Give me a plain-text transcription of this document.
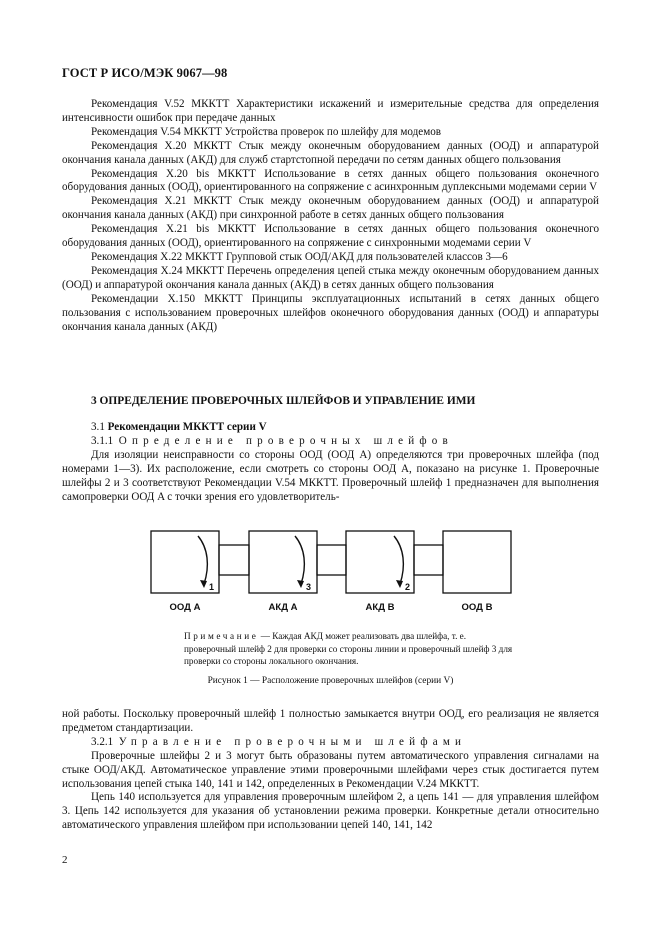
ГОСТ Р ИСО/МЭК 9067—98

Рекомендация V.52 МККТТ Характеристики искажений и измерительные средства для определения интенсивности ошибок при передаче данных

Рекомендация V.54 МККТТ Устройства проверок по шлейфу для модемов

Рекомендация X.20 МККТТ Стык между оконечным оборудованием данных (ООД) и аппаратурой окончания канала данных (АКД) для служб стартстопной передачи по сетям данных общего пользования

Рекомендация X.20 bis МККТТ Использование в сетях данных общего пользования оконечного оборудования данных (ООД), ориентированного на сопряжение с асинхронным дуплексными модемами серии V

Рекомендация X.21 МККТТ Стык между оконечным оборудованием данных (ООД) и аппаратурой окончания канала данных (АКД) при синхронной работе в сетях данных общего пользования

Рекомендация X.21 bis МККТТ Использование в сетях данных общего пользования оконечного оборудования данных (ООД), ориентированного на сопряжение с синхронными модемами серии V

Рекомендация X.22 МККТТ Групповой стык ООД/АКД для пользователей классов 3—6

Рекомендация X.24 МККТТ Перечень определения цепей стыка между оконечным оборудованием данных (ООД) и аппаратурой окончания канала данных (АКД) в сетях данных общего пользования

Рекомендации X.150 МККТТ Принципы эксплуатационных испытаний в сетях данных общего пользования с использованием проверочных шлейфов оконечного оборудования данных (ООД) и аппаратуры окончания канала данных (АКД)

3 ОПРЕДЕЛЕНИЕ ПРОВЕРОЧНЫХ ШЛЕЙФОВ И УПРАВЛЕНИЕ ИМИ

3.1 Рекомендации МККТТ серии V

3.1.1 Определение проверочных шлейфов

Для изоляции неисправности со стороны ООД (ООД A) определяются три проверочных шлейфа (под номерами 1—3). Их расположение, если смотреть со стороны ООД A, показано на рисунке 1. Проверочные шлейфы 2 и 3 соответствуют Рекомендации V.54 МККТТ. Проверочный шлейф 1 предназначен для выполнения самопроверки ООД A с точки зрения его удовлетворитель-

1	3	2
ООД A	АКД A	АКД B	ООД B
Примечание — Каждая АКД может реализовать два шлейфа, т. е. проверочный шлейф 2 для проверки со стороны линии и проверочный шлейф 3 для проверки со стороны локального окончания.
Рисунок 1 — Расположение проверочных шлейфов (серии V)

ной работы. Поскольку проверочный шлейф 1 полностью замыкается внутри ООД, его реализация не является предметом стандартизации.

3.2.1 Управление проверочными шлейфами

Проверочные шлейфы 2 и 3 могут быть образованы путем автоматического управления сигналами на стыке ООД/АКД. Автоматическое управление этими проверочными шлейфами через стык достигается путем использования цепей стыка 140, 141 и 142, определенных в Рекомендации V.24 МККТТ.

Цепь 140 используется для управления проверочным шлейфом 2, а цепь 141 — для управления шлейфом 3. Цепь 142 используется для указания об установлении режима проверки. Конкретные детали относительно автоматического управления шлейфом при использовании цепей 140, 141, 142

2
